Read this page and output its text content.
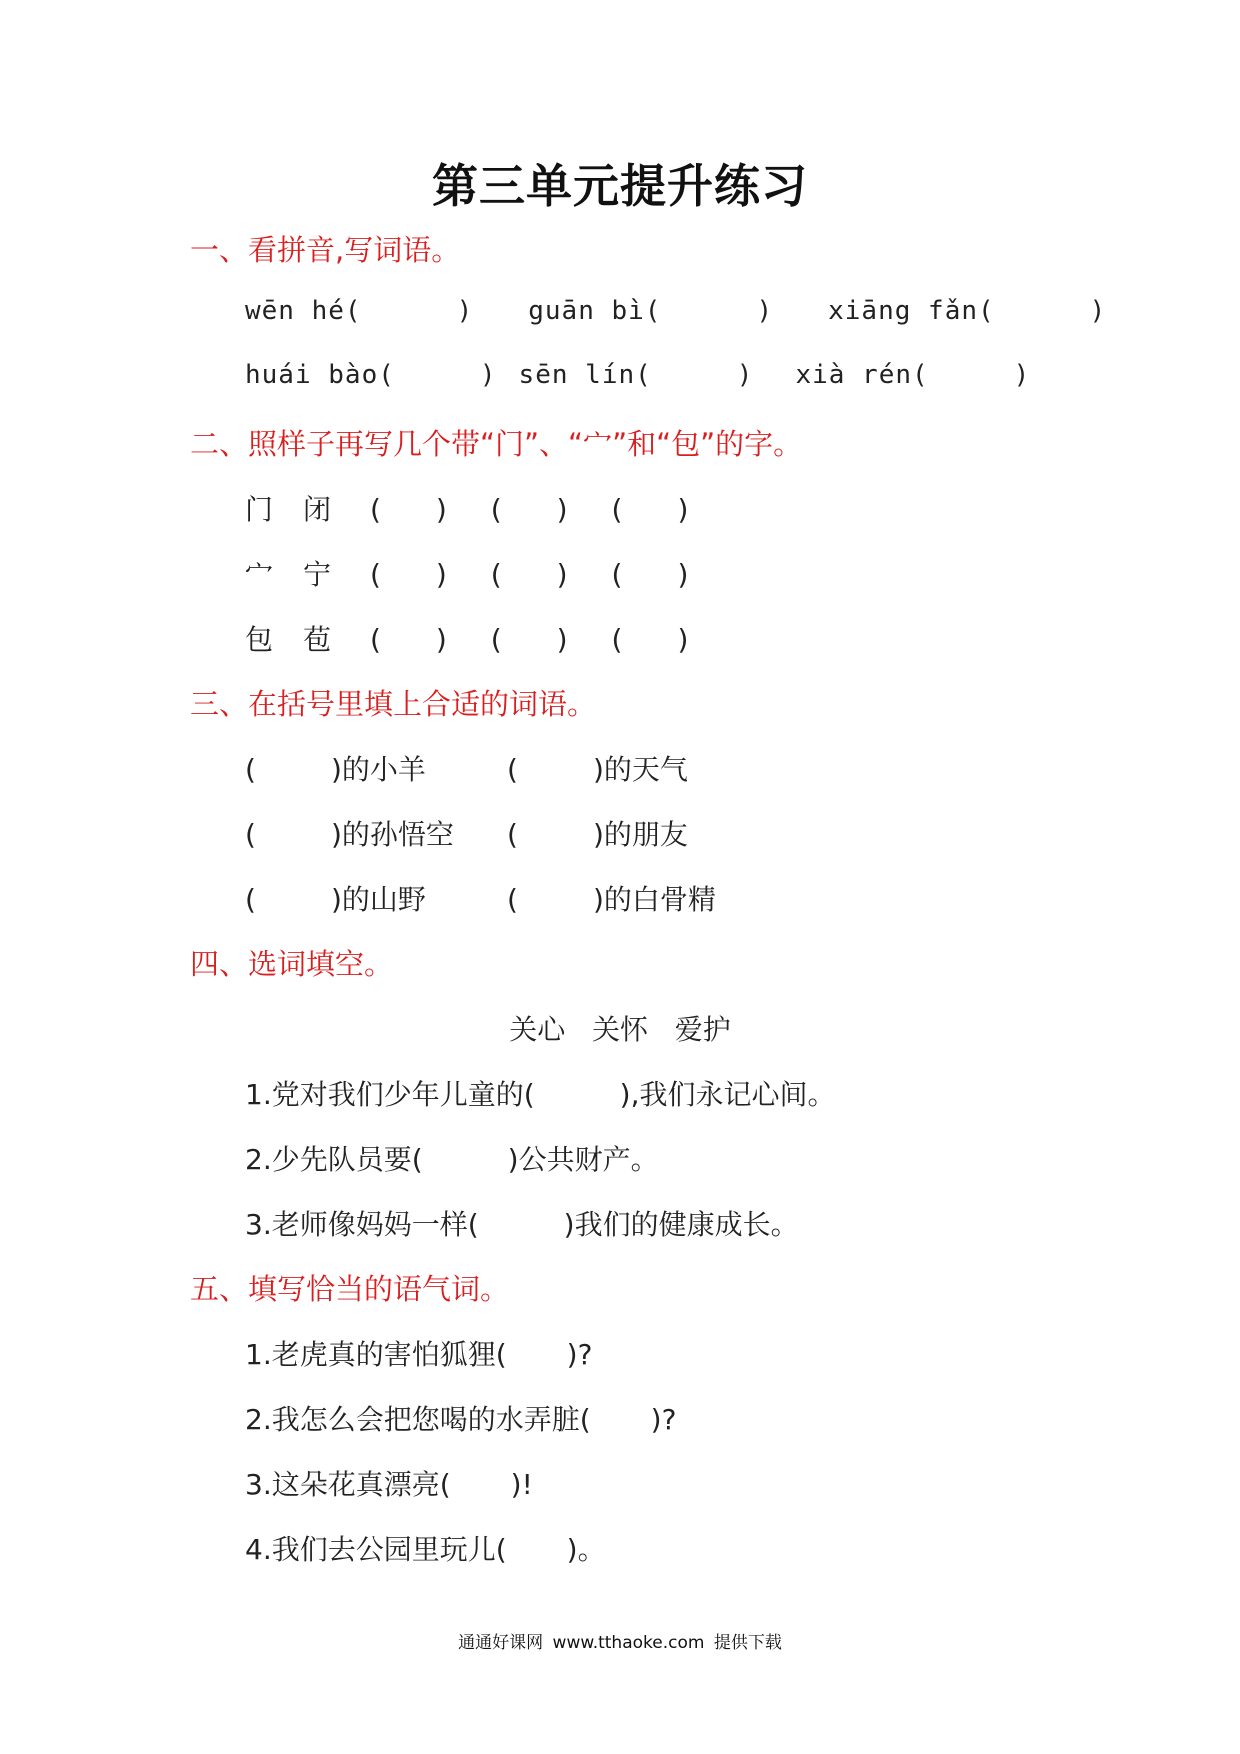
第三单元提升练习
一、看拼音,写词语。
wēn hé(	) guān bì(	) xiāng fǎn(	)
huái bào(	) sēn lín(	) xià rén(	)
二、照样子再写几个带“门”、“宀”和“包”的字。
门 闭 ( ) ( ) ( )
宀 宁 ( ) ( ) ( )
包 苞 ( ) ( ) ( )
三、在括号里填上合适的词语。
(	)的小羊	(	)的天气
(	)的孙悟空 (	)的朋友
(	)的山野	(	)的白骨精
四、选词填空。
关心   关怀   爱护
1.党对我们少年儿童的(	),我们永记心间。
2.少先队员要(	)公共财产。
3.老师像妈妈一样(	)我们的健康成长。
五、填写恰当的语气词。
1.老虎真的害怕狐狸( )?
2.我怎么会把您喝的水弄脏( )?
3.这朵花真漂亮( )!
4.我们去公园里玩儿( )。
通通好课网 www.tthaoke.com 提供下载
